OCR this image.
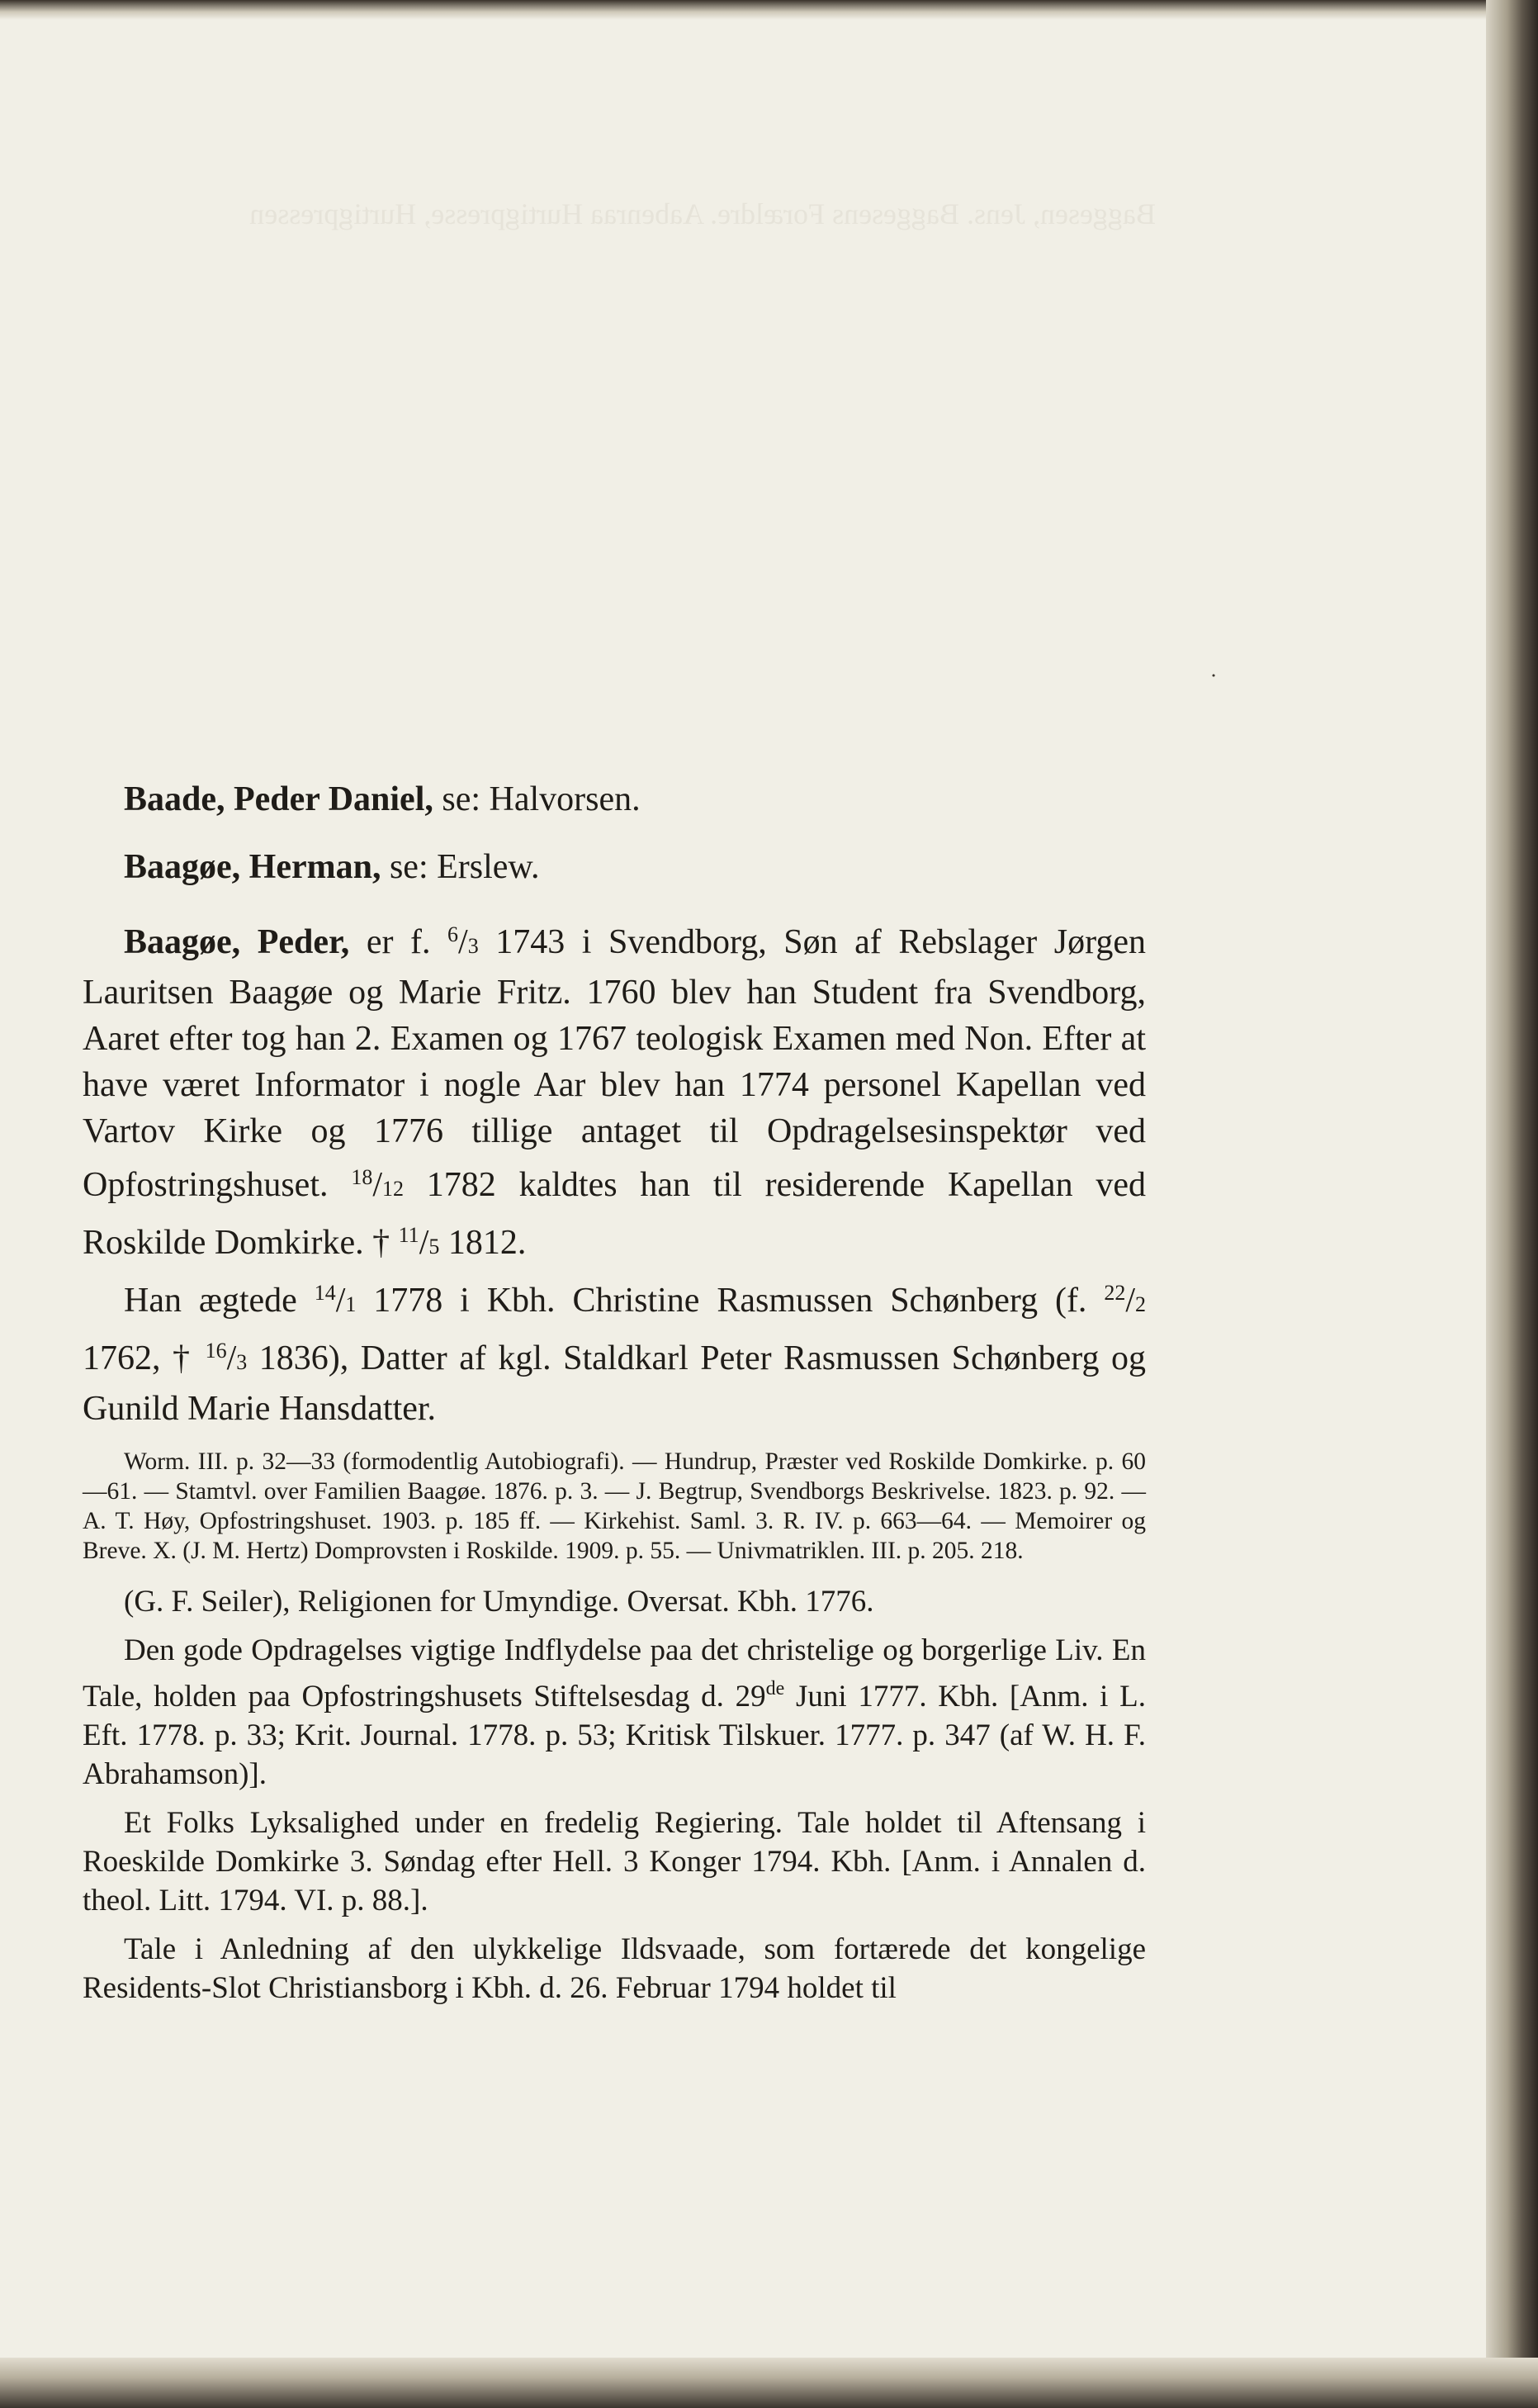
Baggesen, Jens. Baggesens Forældre. Aabenraa Hurtigpresse, Hurtigpressen
˙

Baade, Peder Daniel, se: Halvorsen.

Baagøe, Herman, se: Erslew.

Baagøe, Peder, er f. $^6$/3 1743 i Svendborg, Søn af Rebslager Jørgen Lauritsen Baagøe og Marie Fritz. 1760 blev han Student fra Svendborg, Aaret efter tog han 2. Examen og 1767 teologisk Examen med Non. Efter at have været Informator i nogle Aar blev han 1774 personel Kapellan ved Vartov Kirke og 1776 tillige antaget til Opdragelsesinspektør ved Opfostringshuset. $^{18}$/12 1782 kaldtes han til residerende Kapellan ved Roskilde Domkirke. † $^{11}$/5 1812.

Han ægtede $^{14}$/1 1778 i Kbh. Christine Rasmussen Schønberg (f. $^{22}$/2 1762, † $^{16}$/3 1836), Datter af kgl. Staldkarl Peter Rasmussen Schønberg og Gunild Marie Hansdatter.

Worm. III. p. 32—33 (formodentlig Autobiografi). — Hundrup, Præster ved Roskilde Domkirke. p. 60—61. — Stamtvl. over Familien Baagøe. 1876. p. 3. — J. Begtrup, Svendborgs Beskrivelse. 1823. p. 92. — A. T. Høy, Opfostringshuset. 1903. p. 185 ff. — Kirkehist. Saml. 3. R. IV. p. 663—64. — Memoirer og Breve. X. (J. M. Hertz) Domprovsten i Roskilde. 1909. p. 55. — Univmatriklen. III. p. 205. 218.

(G. F. Seiler), Religionen for Umyndige. Oversat. Kbh. 1776.

Den gode Opdragelses vigtige Indflydelse paa det christelige og borgerlige Liv. En Tale, holden paa Opfostringshusets Stiftelsesdag d. 29de Juni 1777. Kbh. [Anm. i L. Eft. 1778. p. 33; Krit. Journal. 1778. p. 53; Kritisk Tilskuer. 1777. p. 347 (af W. H. F. Abrahamson)].

Et Folks Lyksalighed under en fredelig Regiering. Tale holdet til Aftensang i Roeskilde Domkirke 3. Søndag efter Hell. 3 Konger 1794. Kbh. [Anm. i Annalen d. theol. Litt. 1794. VI. p. 88.].

Tale i Anledning af den ulykkelige Ildsvaade, som fortærede det kongelige Residents-Slot Christiansborg i Kbh. d. 26. Februar 1794 holdet til
